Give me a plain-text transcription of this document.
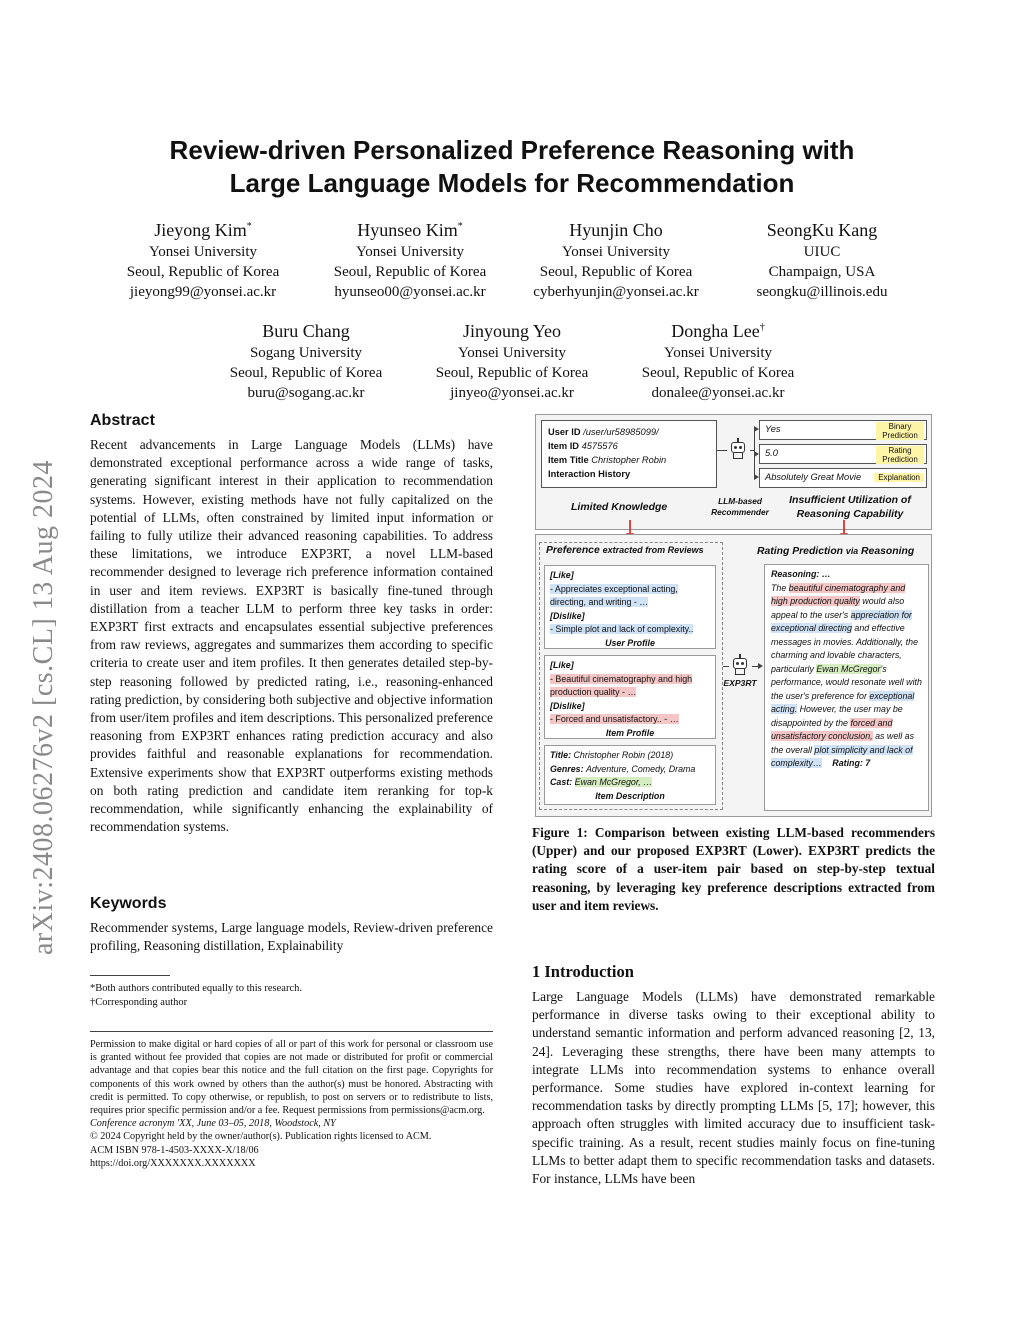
arXiv:2408.06276v2 [cs.CL] 13 Aug 2024
Review-driven Personalized Preference Reasoning with
Large Language Models for Recommendation
Jieyong Kim*
Yonsei University
Seoul, Republic of Korea
jieyong99@yonsei.ac.kr
Hyunseo Kim*
Yonsei University
Seoul, Republic of Korea
hyunseo00@yonsei.ac.kr
Hyunjin Cho
Yonsei University
Seoul, Republic of Korea
cyberhyunjin@yonsei.ac.kr
SeongKu Kang
UIUC
Champaign, USA
seongku@illinois.edu
Buru Chang
Sogang University
Seoul, Republic of Korea
buru@sogang.ac.kr
Jinyoung Yeo
Yonsei University
Seoul, Republic of Korea
jinyeo@yonsei.ac.kr
Dongha Lee†
Yonsei University
Seoul, Republic of Korea
donalee@yonsei.ac.kr
Abstract

Recent advancements in Large Language Models (LLMs) have demonstrated exceptional performance across a wide range of tasks, generating significant interest in their application to recommendation systems. However, existing methods have not fully capitalized on the potential of LLMs, often constrained by limited input information or failing to fully utilize their advanced reasoning capabilities. To address these limitations, we introduce EXP3RT, a novel LLM-based recommender designed to leverage rich preference information contained in user and item reviews. EXP3RT is basically fine-tuned through distillation from a teacher LLM to perform three key tasks in order: EXP3RT first extracts and encapsulates essential subjective preferences from raw reviews, aggregates and summarizes them according to specific criteria to create user and item profiles. It then generates detailed step-by-step reasoning followed by predicted rating, i.e., reasoning-enhanced rating prediction, by considering both subjective and objective information from user/item profiles and item descriptions. This personalized preference reasoning from EXP3RT enhances rating prediction accuracy and also provides faithful and reasonable explanations for recommendation. Extensive experiments show that EXP3RT outperforms existing methods on both rating prediction and candidate item reranking for top-k recommendation, while significantly enhancing the explainability of recommendation systems.

Keywords

Recommender systems, Large language models, Review-driven preference profiling, Reasoning distillation, Explainability

*Both authors contributed equally to this research.
†Corresponding author
Permission to make digital or hard copies of all or part of this work for personal or classroom use is granted without fee provided that copies are not made or distributed for profit or commercial advantage and that copies bear this notice and the full citation on the first page. Copyrights for components of this work owned by others than the author(s) must be honored. Abstracting with credit is permitted. To copy otherwise, or republish, to post on servers or to redistribute to lists, requires prior specific permission and/or a fee. Request permissions from permissions@acm.org.
Conference acronym 'XX, June 03–05, 2018, Woodstock, NY
© 2024 Copyright held by the owner/author(s). Publication rights licensed to ACM.
ACM ISBN 978-1-4503-XXXX-X/18/06
https://doi.org/XXXXXXX.XXXXXXX
User ID /user/ur58985099/
Item ID 4575576
Item Title Christopher Robin
Interaction History
Yes	Binary Prediction
5.0	Rating Prediction
Absolutely Great Movie	Explanation
Limited Knowledge	LLM-based Recommender
Insufficient Utilization of Reasoning Capability
Preference extracted from Reviews
[Like]
- Appreciates exceptional acting,
directing, and writing - …
[Dislike]
- Simple plot and lack of complexity..
User Profile
[Like]
- Beautiful cinematography and high
production quality - …
[Dislike]
- Forced and unsatisfactory.. - …
Item Profile
Title: Christopher Robin (2018)
Genres: Adventure, Comedy, Drama
Cast: Ewan McGregor, …
Item Description
EXP3RT
Rating Prediction via Reasoning
Reasoning: …
The beautiful cinematography and high production quality would also appeal to the user's appreciation for exceptional directing and effective messages in movies. Additionally, the charming and lovable characters, particularly Ewan McGregor's performance, would resonate well with the user's preference for exceptional acting. However, the user may be disappointed by the forced and unsatisfactory conclusion, as well as the overall plot simplicity and lack of complexity… Rating: 7

Figure 1: Comparison between existing LLM-based recommenders (Upper) and our proposed EXP3RT (Lower). EXP3RT predicts the rating score of a user-item pair based on step-by-step textual reasoning, by leveraging key preference descriptions extracted from user and item reviews.

1 Introduction

Large Language Models (LLMs) have demonstrated remarkable performance in diverse tasks owing to their exceptional ability to understand semantic information and perform advanced reasoning [2, 13, 24]. Leveraging these strengths, there have been many attempts to integrate LLMs into recommendation systems to enhance overall performance. Some studies have explored in-context learning for recommendation tasks by directly prompting LLMs [5, 17]; however, this approach often struggles with limited accuracy due to insufficient task-specific training. As a result, recent studies mainly focus on fine-tuning LLMs to better adapt them to specific recommendation tasks and datasets. For instance, LLMs have been
